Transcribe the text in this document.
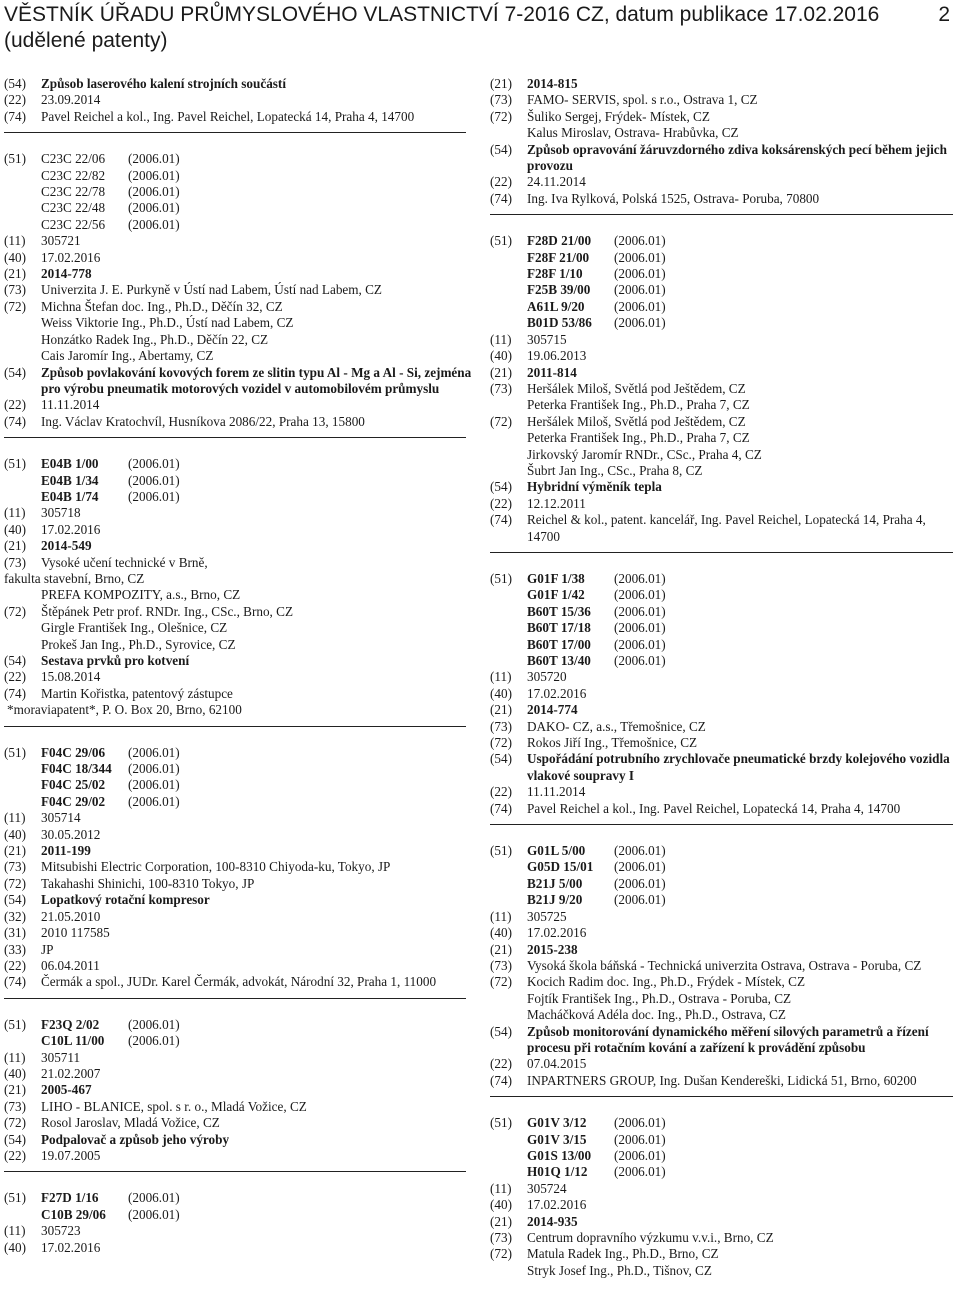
VĚSTNÍK ÚŘADU PRŮMYSLOVÉHO VLASTNICTVÍ 7-2016 CZ, datum publikace 17.02.2016
(udělené patenty)
2
(54)	Způsob laserového kalení strojních součástí
(22)	23.09.2014
(74)	Pavel Reichel a kol., Ing. Pavel Reichel, Lopatecká 14, Praha 4, 14700
(51)	C23C 22/06	(2006.01)
C23C 22/82	(2006.01)
C23C 22/78	(2006.01)
C23C 22/48	(2006.01)
C23C 22/56	(2006.01)
(11)	305721
(40)	17.02.2016
(21)	2014-778
(73)	Univerzita J. E. Purkyně v Ústí nad Labem, Ústí nad Labem, CZ
(72)	Michna Štefan doc. Ing., Ph.D., Děčín 32, CZ
Weiss Viktorie Ing., Ph.D., Ústí nad Labem, CZ
Honzátko Radek Ing., Ph.D., Děčín 22, CZ
Cais Jaromír Ing., Abertamy, CZ
(54)	Způsob povlakování kovových forem ze slitin typu Al - Mg a Al - Si, zejména pro výrobu pneumatik motorových vozidel v automobilovém průmyslu
(22)	11.11.2014
(74)	Ing. Václav Kratochvíl, Husníkova 2086/22, Praha 13, 15800
(51)	E04B 1/00	(2006.01)
E04B 1/34	(2006.01)
E04B 1/74	(2006.01)
(11)	305718
(40)	17.02.2016
(21)	2014-549
(73)	Vysoké učení technické v Brně,
fakulta stavební, Brno, CZ
PREFA KOMPOZITY, a.s., Brno, CZ
(72)	Štěpánek Petr prof. RNDr. Ing., CSc., Brno, CZ
Girgle František Ing., Olešnice, CZ
Prokeš Jan Ing., Ph.D., Syrovice, CZ
(54)	Sestava prvků pro kotvení
(22)	15.08.2014
(74)	Martin Kořistka, patentový zástupce
*moraviapatent*, P. O. Box 20, Brno, 62100
(51)	F04C 29/06	(2006.01)
F04C 18/344	(2006.01)
F04C 25/02	(2006.01)
F04C 29/02	(2006.01)
(11)	305714
(40)	30.05.2012
(21)	2011-199
(73)	Mitsubishi Electric Corporation, 100-8310 Chiyoda-ku, Tokyo, JP
(72)	Takahashi Shinichi, 100-8310 Tokyo, JP
(54)	Lopatkový rotační kompresor
(32)	21.05.2010
(31)	2010 117585
(33)	JP
(22)	06.04.2011
(74)	Čermák a spol., JUDr. Karel Čermák, advokát, Národní 32, Praha 1, 11000
(51)	F23Q 2/02	(2006.01)
C10L 11/00	(2006.01)
(11)	305711
(40)	21.02.2007
(21)	2005-467
(73)	LIHO - BLANICE, spol. s r. o., Mladá Vožice, CZ
(72)	Rosol Jaroslav, Mladá Vožice, CZ
(54)	Podpalovač a způsob jeho výroby
(22)	19.07.2005
(51)	F27D 1/16	(2006.01)
C10B 29/06	(2006.01)
(11)	305723
(40)	17.02.2016
(21)	2014-815
(73)	FAMO- SERVIS, spol. s r.o., Ostrava 1, CZ
(72)	Šuliko Sergej, Frýdek- Místek, CZ
Kalus Miroslav, Ostrava- Hrabůvka, CZ
(54)	Způsob opravování žáruvzdorného zdiva koksárenských pecí během jejich provozu
(22)	24.11.2014
(74)	Ing. Iva Rylková, Polská 1525, Ostrava- Poruba, 70800
(51)	F28D 21/00	(2006.01)
F28F 21/00	(2006.01)
F28F 1/10	(2006.01)
F25B 39/00	(2006.01)
A61L 9/20	(2006.01)
B01D 53/86	(2006.01)
(11)	305715
(40)	19.06.2013
(21)	2011-814
(73)	Heršálek Miloš, Světlá pod Ještědem, CZ
Peterka František Ing., Ph.D., Praha 7, CZ
(72)	Heršálek Miloš, Světlá pod Ještědem, CZ
Peterka František Ing., Ph.D., Praha 7, CZ
Jirkovský Jaromír RNDr., CSc., Praha 4, CZ
Šubrt Jan Ing., CSc., Praha 8, CZ
(54)	Hybridní výměník tepla
(22)	12.12.2011
(74)	Reichel & kol., patent. kancelář, Ing. Pavel Reichel, Lopatecká 14, Praha 4, 14700
(51)	G01F 1/38	(2006.01)
G01F 1/42	(2006.01)
B60T 15/36	(2006.01)
B60T 17/18	(2006.01)
B60T 17/00	(2006.01)
B60T 13/40	(2006.01)
(11)	305720
(40)	17.02.2016
(21)	2014-774
(73)	DAKO- CZ, a.s., Třemošnice, CZ
(72)	Rokos Jiří Ing., Třemošnice, CZ
(54)	Uspořádání potrubního zrychlovače pneumatické brzdy kolejového vozidla vlakové soupravy I
(22)	11.11.2014
(74)	Pavel Reichel a kol., Ing. Pavel Reichel, Lopatecká 14, Praha 4, 14700
(51)	G01L 5/00	(2006.01)
G05D 15/01	(2006.01)
B21J 5/00	(2006.01)
B21J 9/20	(2006.01)
(11)	305725
(40)	17.02.2016
(21)	2015-238
(73)	Vysoká škola báňská - Technická univerzita Ostrava, Ostrava - Poruba, CZ
(72)	Kocich Radim doc. Ing., Ph.D., Frýdek - Místek, CZ
Fojtík František Ing., Ph.D., Ostrava - Poruba, CZ
Macháčková Adéla doc. Ing., Ph.D., Ostrava, CZ
(54)	Způsob monitorování dynamického měření silových parametrů a řízení procesu při rotačním kování a zařízení k provádění způsobu
(22)	07.04.2015
(74)	INPARTNERS GROUP, Ing. Dušan Kendereški, Lidická 51, Brno, 60200
(51)	G01V 3/12	(2006.01)
G01V 3/15	(2006.01)
G01S 13/00	(2006.01)
H01Q 1/12	(2006.01)
(11)	305724
(40)	17.02.2016
(21)	2014-935
(73)	Centrum dopravního výzkumu v.v.i., Brno, CZ
(72)	Matula Radek Ing., Ph.D., Brno, CZ
Stryk Josef Ing., Ph.D., Tišnov, CZ
